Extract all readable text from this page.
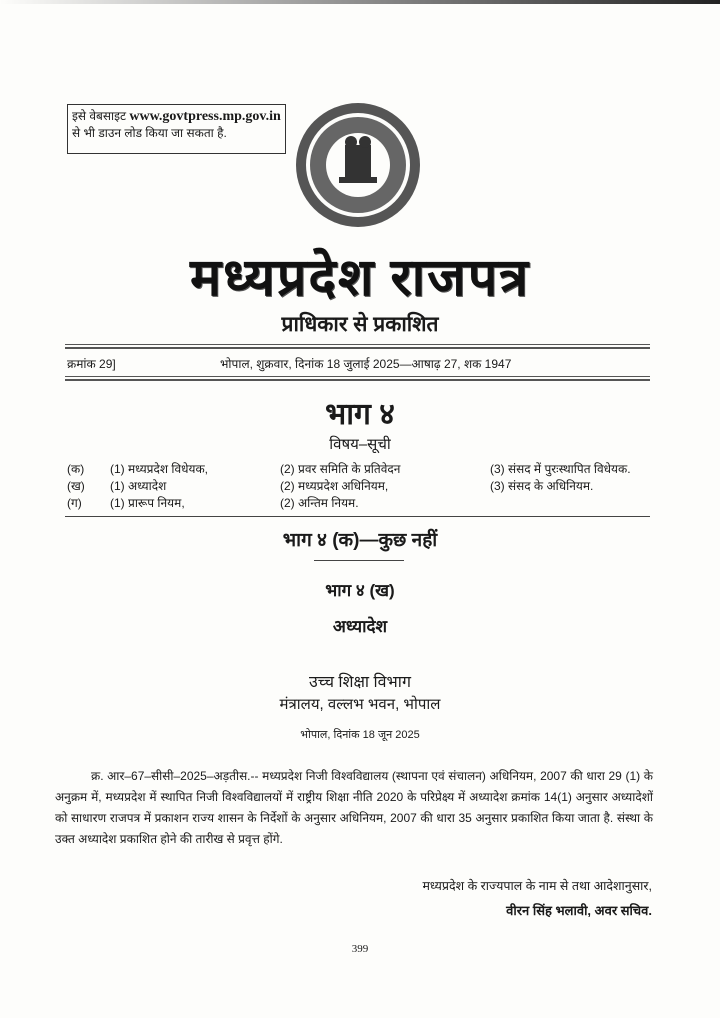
इसे वेबसाइट www.govtpress.mp.gov.in
से भी डाउन लोड किया जा सकता है.
मध्यप्रदेश राजपत्र
प्राधिकार से प्रकाशित
क्रमांक 29]	भोपाल, शुक्रवार, दिनांक 18 जुलाई 2025—आषाढ़ 27, शक 1947
भाग ४
विषय–सूची
(क)	(1) मध्यप्रदेश विधेयक,	(2) प्रवर समिति के प्रतिवेदन	(3) संसद में पुरःस्थापित विधेयक.
(ख)	(1) अध्यादेश	(2) मध्यप्रदेश अधिनियम,	(3) संसद के अधिनियम.
(ग)	(1) प्रारूप नियम,	(2) अन्तिम नियम.
भाग ४ (क)—कुछ नहीं
भाग ४ (ख)
अध्यादेश
उच्च शिक्षा विभाग
मंत्रालय, वल्लभ भवन, भोपाल
भोपाल, दिनांक 18 जून 2025
क्र. आर–67–सीसी–2025–अड़तीस.-- मध्यप्रदेश निजी विश्वविद्यालय (स्थापना एवं संचालन) अधिनियम, 2007 की धारा 29 (1) के अनुक्रम में, मध्यप्रदेश में स्थापित निजी विश्वविद्यालयों में राष्ट्रीय शिक्षा नीति 2020 के परिप्रेक्ष्य में अध्यादेश क्रमांक 14(1) अनुसार अध्यादेशों को साधारण राजपत्र में प्रकाशन राज्य शासन के निर्देशों के अनुसार अधिनियम, 2007 की धारा 35 अनुसार प्रकाशित किया जाता है. संस्था के उक्त अध्यादेश प्रकाशित होने की तारीख से प्रवृत्त होंगे.
मध्यप्रदेश के राज्यपाल के नाम से तथा आदेशानुसार,
वीरन सिंह भलावी, अवर सचिव.
399
